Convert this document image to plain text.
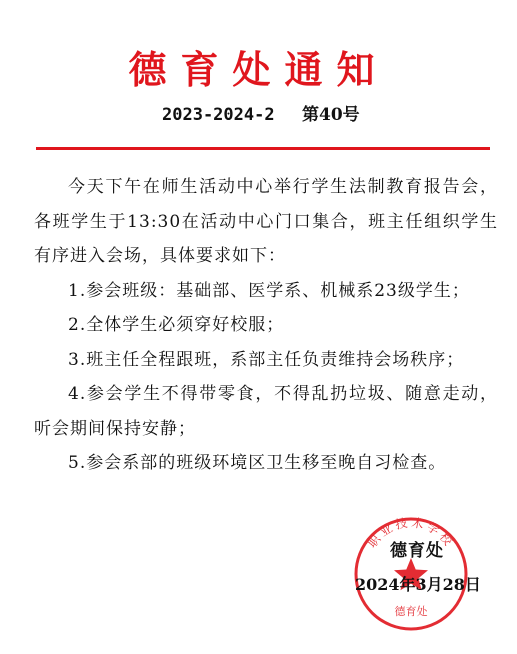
德育处通知
2023-2024-2 第40号

今天下午在师生活动中心举行学生法制教育报告会，各班学生于13:30在活动中心门口集合，班主任组织学生有序进入会场，具体要求如下：

1.参会班级：基础部、医学系、机械系23级学生；

2.全体学生必须穿好校服；

3.班主任全程跟班，系部主任负责维持会场秩序；

4.参会学生不得带零食，不得乱扔垃圾、随意走动，听会期间保持安静；

5.参会系部的班级环境区卫生移至晚自习检查。

职业技术学校
德育处
德育处
2024年3月28日
